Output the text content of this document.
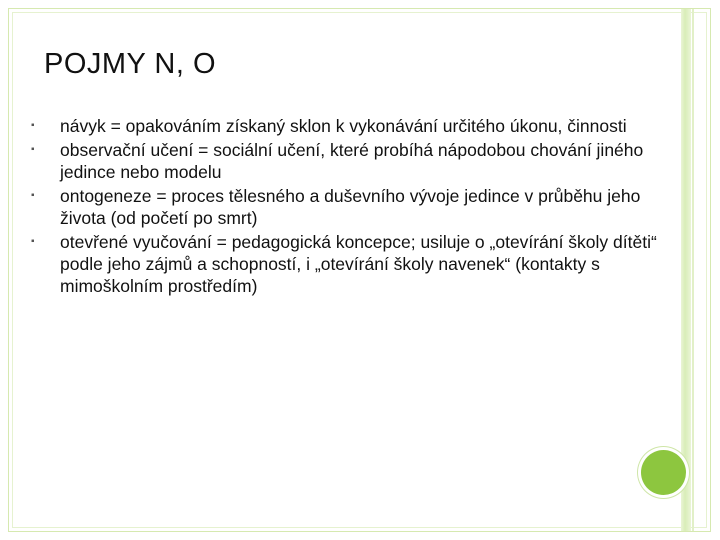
POJMY N, O
▪ návyk = opakováním získaný sklon k vykonávání určitého úkonu, činnosti
▪ observační učení = sociální učení, které probíhá nápodobou chování jiného jedince nebo modelu
▪ ontogeneze = proces tělesného a duševního vývoje jedince v průběhu jeho života (od početí po smrt)
▪ otevřené vyučování = pedagogická koncepce; usiluje o „otevírání školy dítěti“ podle jeho zájmů a schopností, i „otevírání školy navenek“ (kontakty s mimoškolním prostředím)
